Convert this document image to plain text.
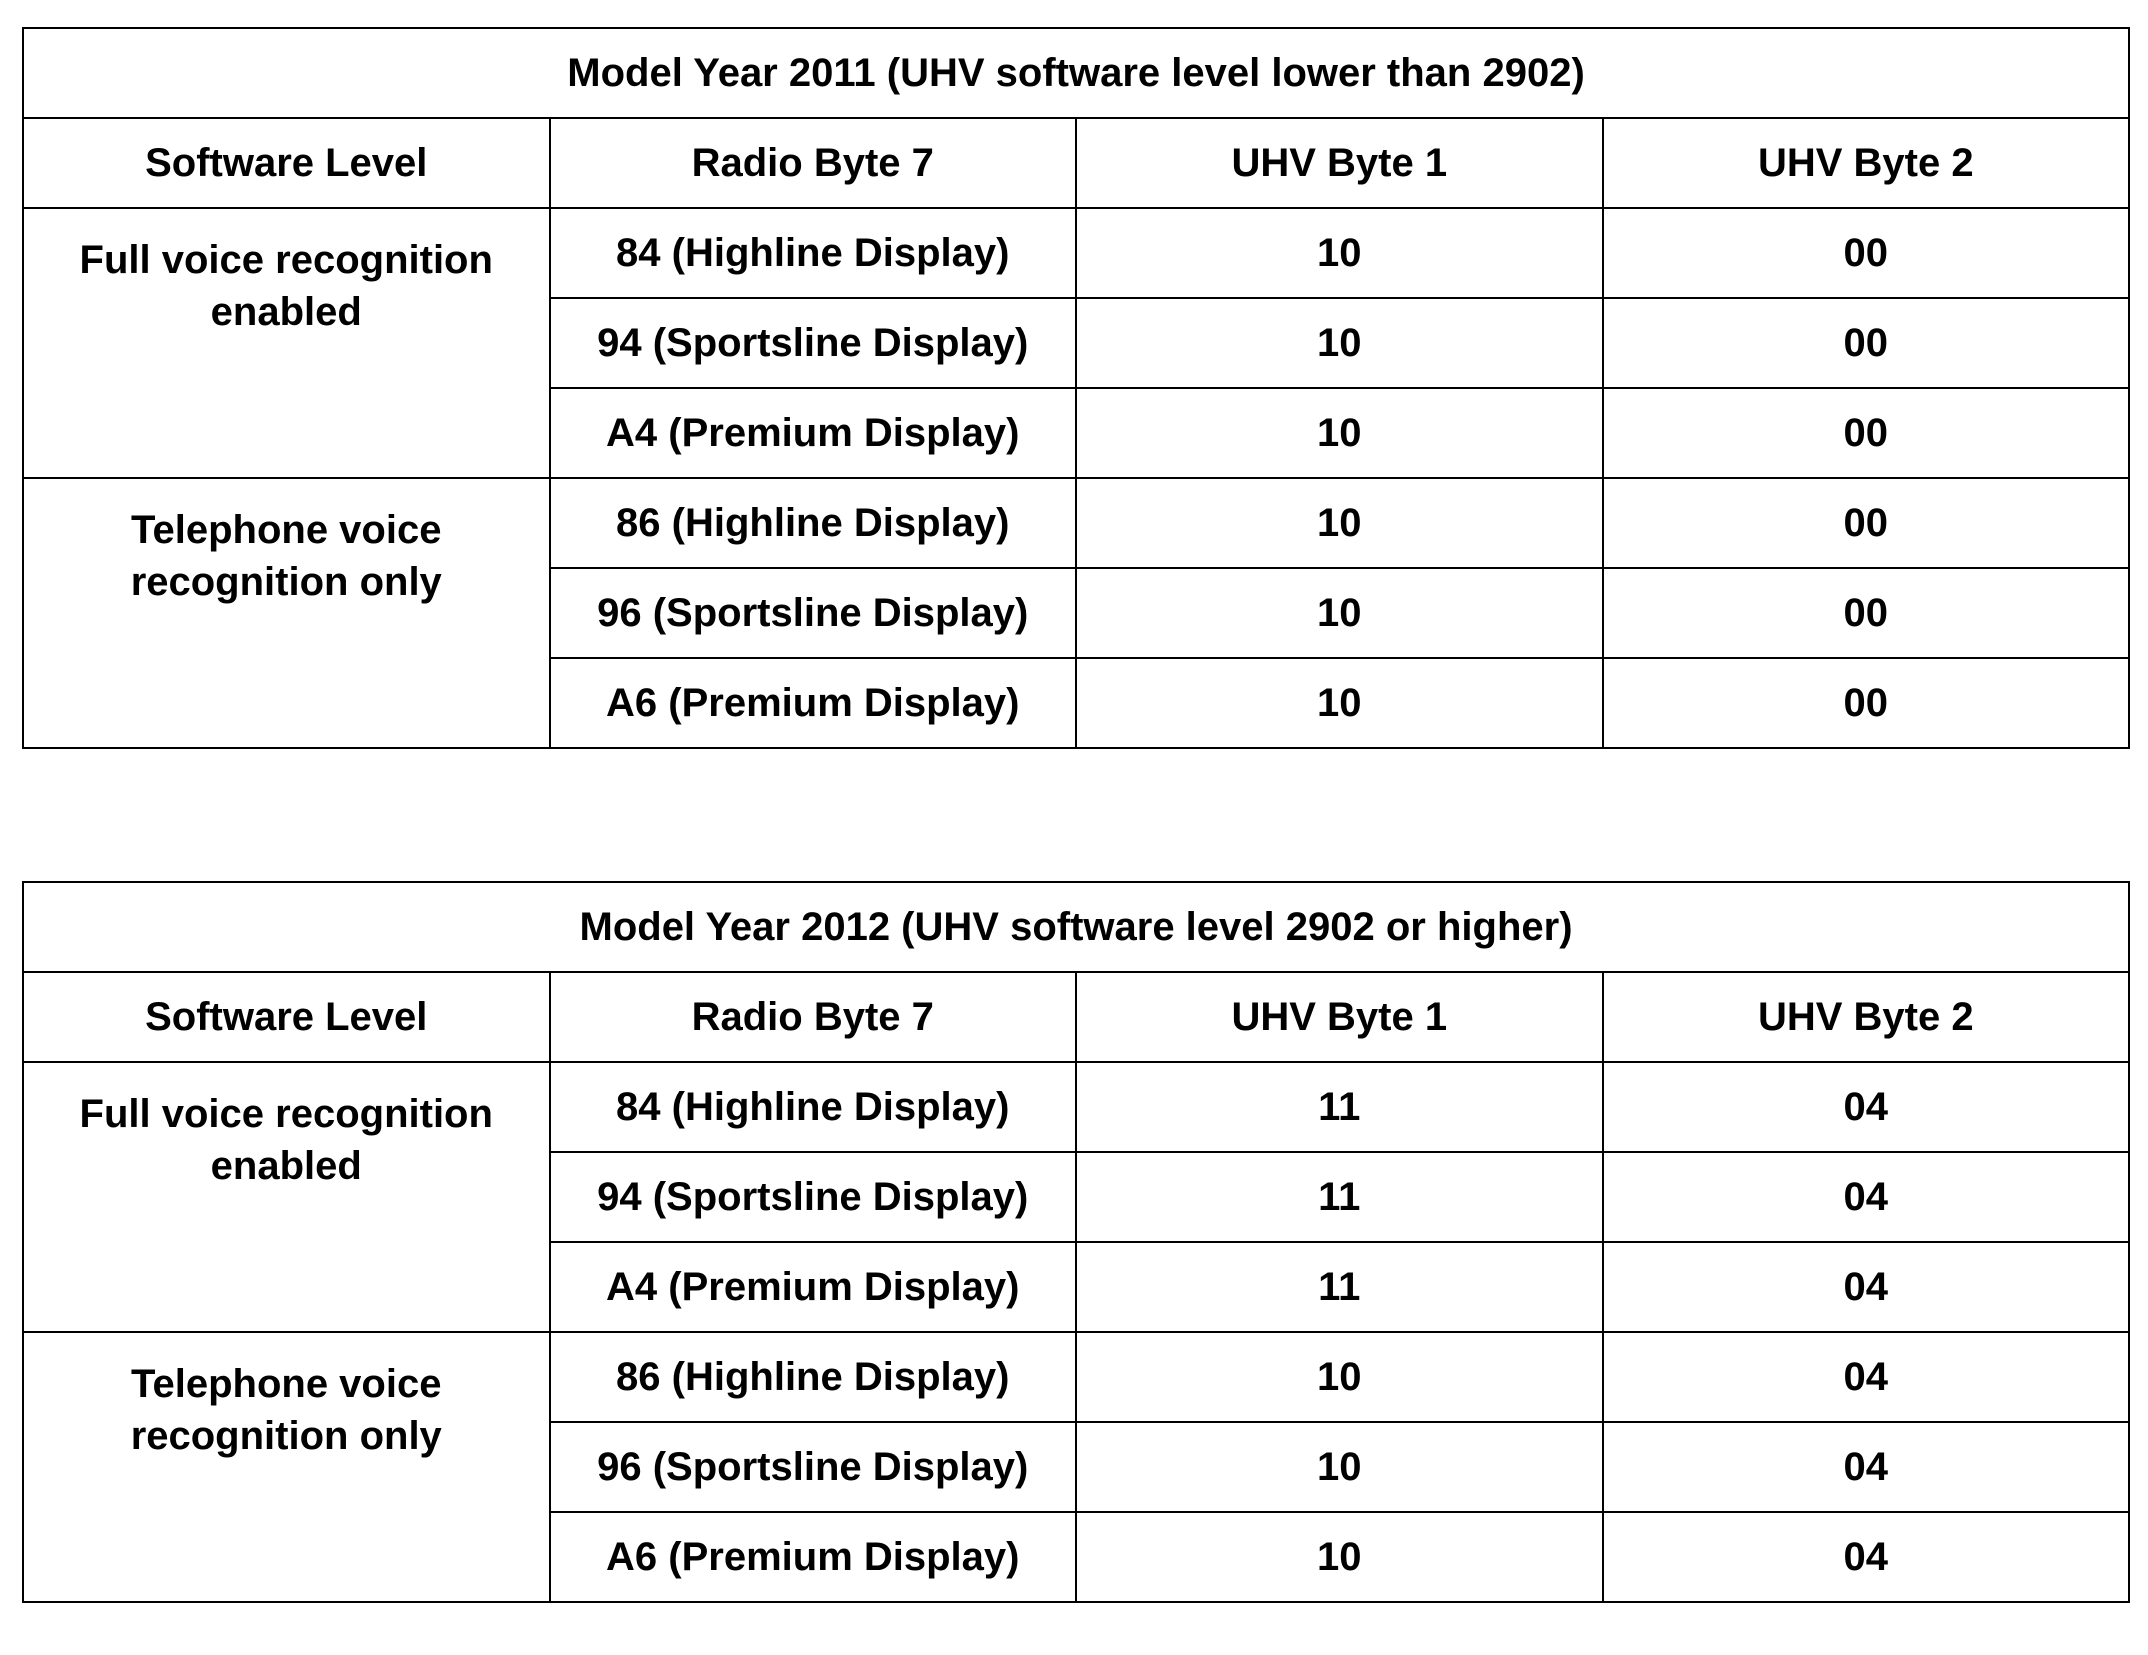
Model Year 2011 (UHV software level lower than 2902)			
Software Level	Radio Byte 7	UHV Byte 1	UHV Byte 2
Full voice recognition enabled	84 (Highline Display)	10	00
	94 (Sportsline Display)	10	00
	A4 (Premium Display)	10	00
Telephone voice recognition only	86 (Highline Display)	10	00
	96 (Sportsline Display)	10	00
	A6 (Premium Display)	10	00
Model Year 2012 (UHV software level 2902 or higher)			
Software Level	Radio Byte 7	UHV Byte 1	UHV Byte 2
Full voice recognition enabled	84 (Highline Display)	11	04
	94 (Sportsline Display)	11	04
	A4 (Premium Display)	11	04
Telephone voice recognition only	86 (Highline Display)	10	04
	96 (Sportsline Display)	10	04
	A6 (Premium Display)	10	04
